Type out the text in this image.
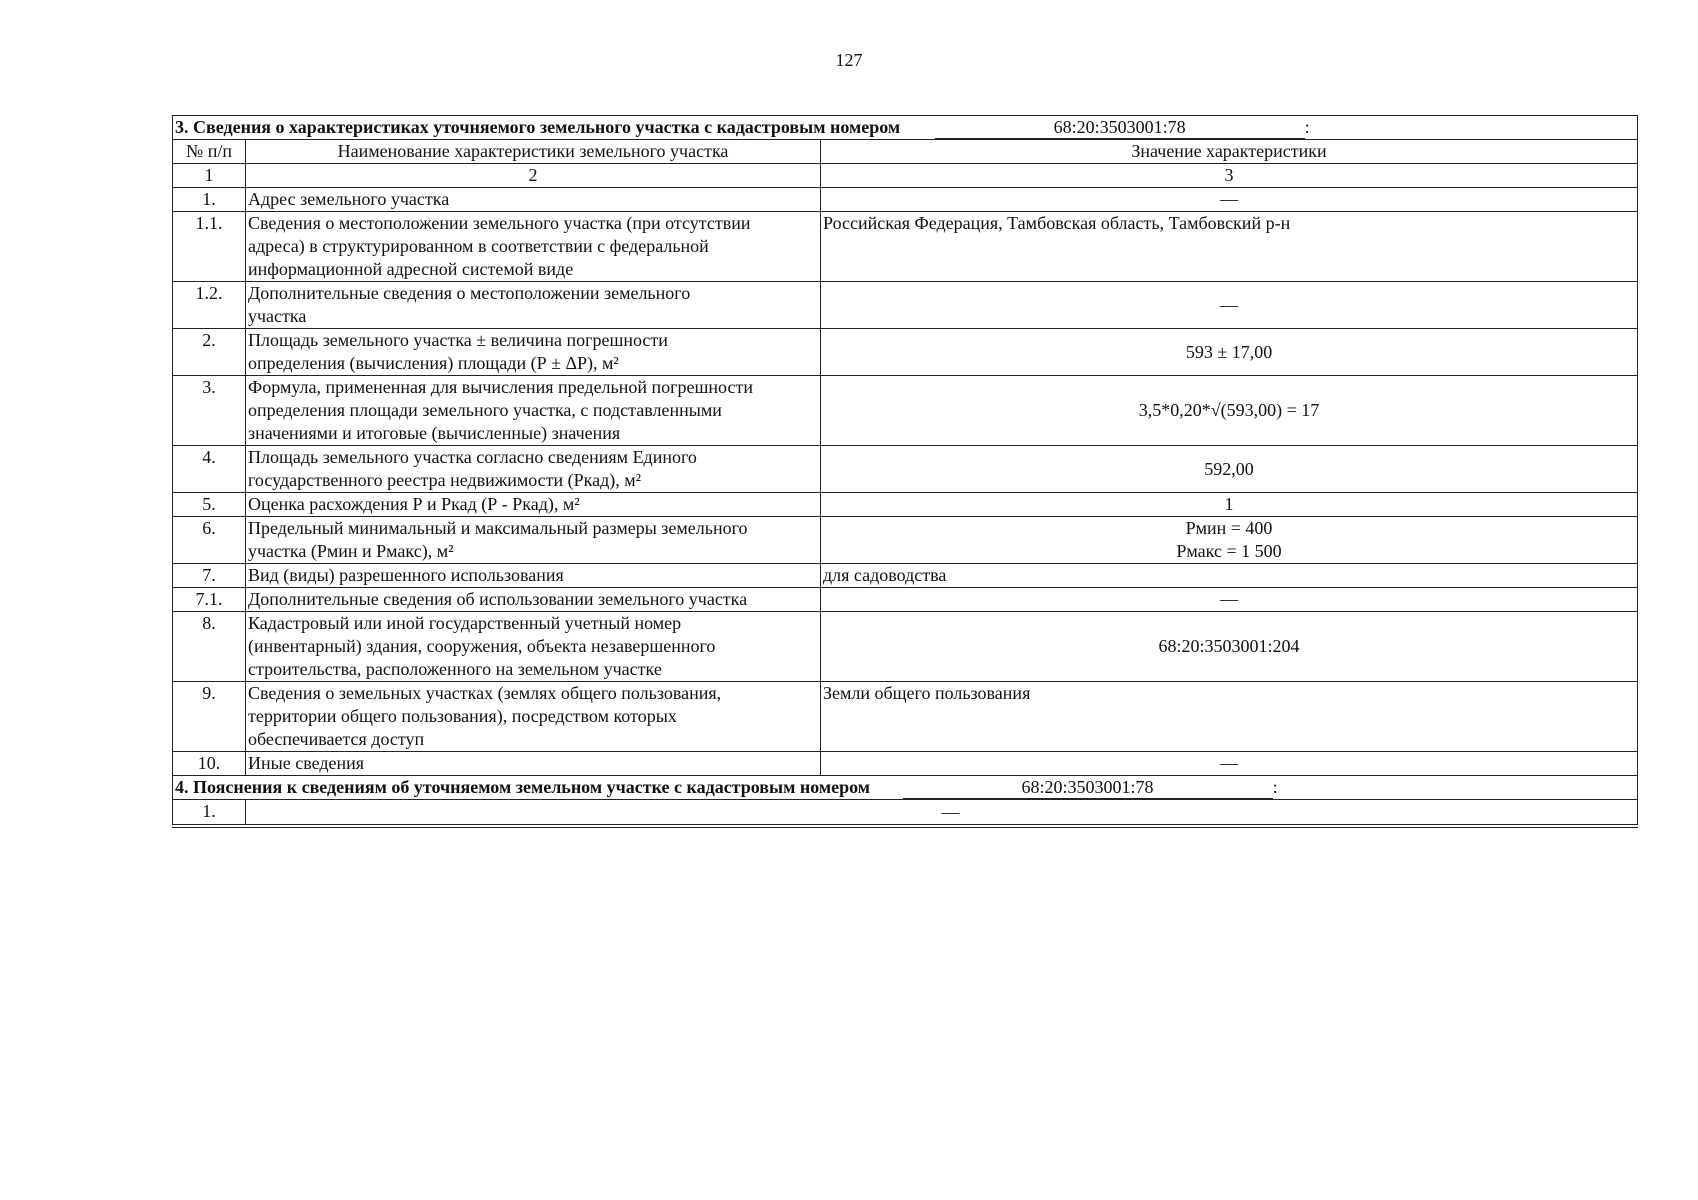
127
3. Сведения о характеристиках уточняемого земельного участка с кадастровым номером 68:20:3503001:78 :		
№ п/п	Наименование характеристики земельного участка	Значение характеристики
1	2	3
1.	Адрес земельного участка	—

1.1.	Сведения о местоположении земельного участка (при отсутствии
адреса) в структурированном в соответствии с федеральной
информационной адресной системой виде	Российская Федерация, Тамбовская область, Тамбовский р-н

1.2.	Дополнительные сведения о местоположении земельного
участка	—

2.	Площадь земельного участка ± величина погрешности
определения (вычисления) площади (Р ± ΔР), м²	593 ± 17,00

3.	Формула, примененная для вычисления предельной погрешности
определения площади земельного участка, с подставленными
значениями и итоговые (вычисленные) значения	3,5*0,20*√(593,00) = 17

4.	Площадь земельного участка согласно сведениям Единого
государственного реестра недвижимости (Ркад), м²	592,00

5.	Оценка расхождения Р и Ркад (Р - Ркад), м²	1

6.	Предельный минимальный и максимальный размеры земельного
участка (Рмин и Рмакс), м²	Рмин = 400
Рмакс = 1 500

7.	Вид (виды) разрешенного использования	для садоводства

7.1.	Дополнительные сведения об использовании земельного участка	—

8.	Кадастровый или иной государственный учетный номер
(инвентарный) здания, сооружения, объекта незавершенного
строительства, расположенного на земельном участке	68:20:3503001:204

9.	Сведения о земельных участках (землях общего пользования,
территории общего пользования), посредством которых
обеспечивается доступ	Земли общего пользования

10.	Иные сведения	—

4. Пояснения к сведениям об уточняемом земельном участке с кадастровым номером 68:20:3503001:78 :		
1.	—	
